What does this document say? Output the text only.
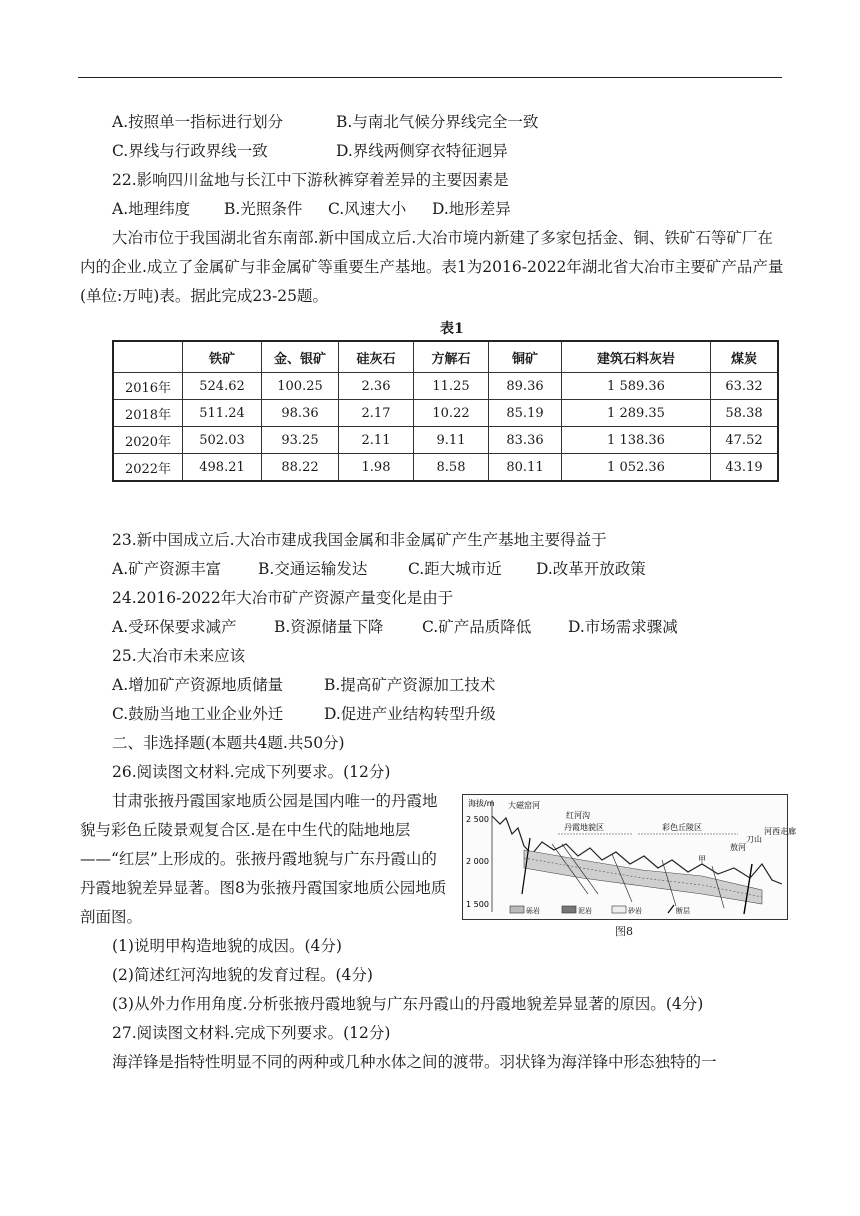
A.按照单一指标进行划分	B.与南北气候分界线完全一致
C.界线与行政界线一致	D.界线两侧穿衣特征迥异
22.影响四川盆地与长江中下游秋裤穿着差异的主要因素是
A.地理纬度 B.光照条件 C.风速大小 D.地形差异
大冶市位于我国湖北省东南部.新中国成立后.大冶市境内新建了多家包括金、铜、铁矿石等矿厂在内的企业.成立了金属矿与非金属矿等重要生产基地。表1为2016-2022年湖北省大冶市主要矿产品产量(单位:万吨)表。据此完成23-25题。
表1
	铁矿	金、银矿	硅灰石	方解石	铜矿	建筑石料灰岩	煤炭
2016年	524.62	100.25	2.36	11.25	89.36	1 589.36	63.32
2018年	511.24	98.36	2.17	10.22	85.19	1 289.35	58.38
2020年	502.03	93.25	2.11	9.11	83.36	1 138.36	47.52
2022年	498.21	88.22	1.98	8.58	80.11	1 052.36	43.19
23.新中国成立后.大冶市建成我国金属和非金属矿产生产基地主要得益于
A.矿产资源丰富 B.交通运输发达	C.距大城市近 D.改革开放政策
24.2016-2022年大冶市矿产资源产量变化是由于
A.受环保要求减产 B.资源储量下降 C.矿产品质降低 D.市场需求骤减
25.大冶市未来应该
A.增加矿产资源地质储量	B.提高矿产资源加工技术
C.鼓励当地工业企业外迁	D.促进产业结构转型升级
二、非选择题(本题共4题.共50分)
26.阅读图文材料.完成下列要求。(12分)
甘肃张掖丹霞国家地质公园是国内唯一的丹霞地貌与彩色丘陵景观复合区.是在中生代的陆地地层——“红层”上形成的。张掖丹霞地貌与广东丹霞山的丹霞地貌差异显著。图8为张掖丹霞国家地质公园地质剖面图。
海拔/m
2 500
2 000
1 500
大磁窑河
红河沟
丹霞地貌区	彩色丘陵区
甲
敖河
刀山
河西走廊
砾岩	泥岩	砂岩	断层
图8
(1)说明甲构造地貌的成因。(4分)
(2)简述红河沟地貌的发育过程。(4分)
(3)从外力作用角度.分析张掖丹霞地貌与广东丹霞山的丹霞地貌差异显著的原因。(4分)
27.阅读图文材料.完成下列要求。(12分)
海洋锋是指特性明显不同的两种或几种水体之间的渡带。羽状锋为海洋锋中形态独特的一
